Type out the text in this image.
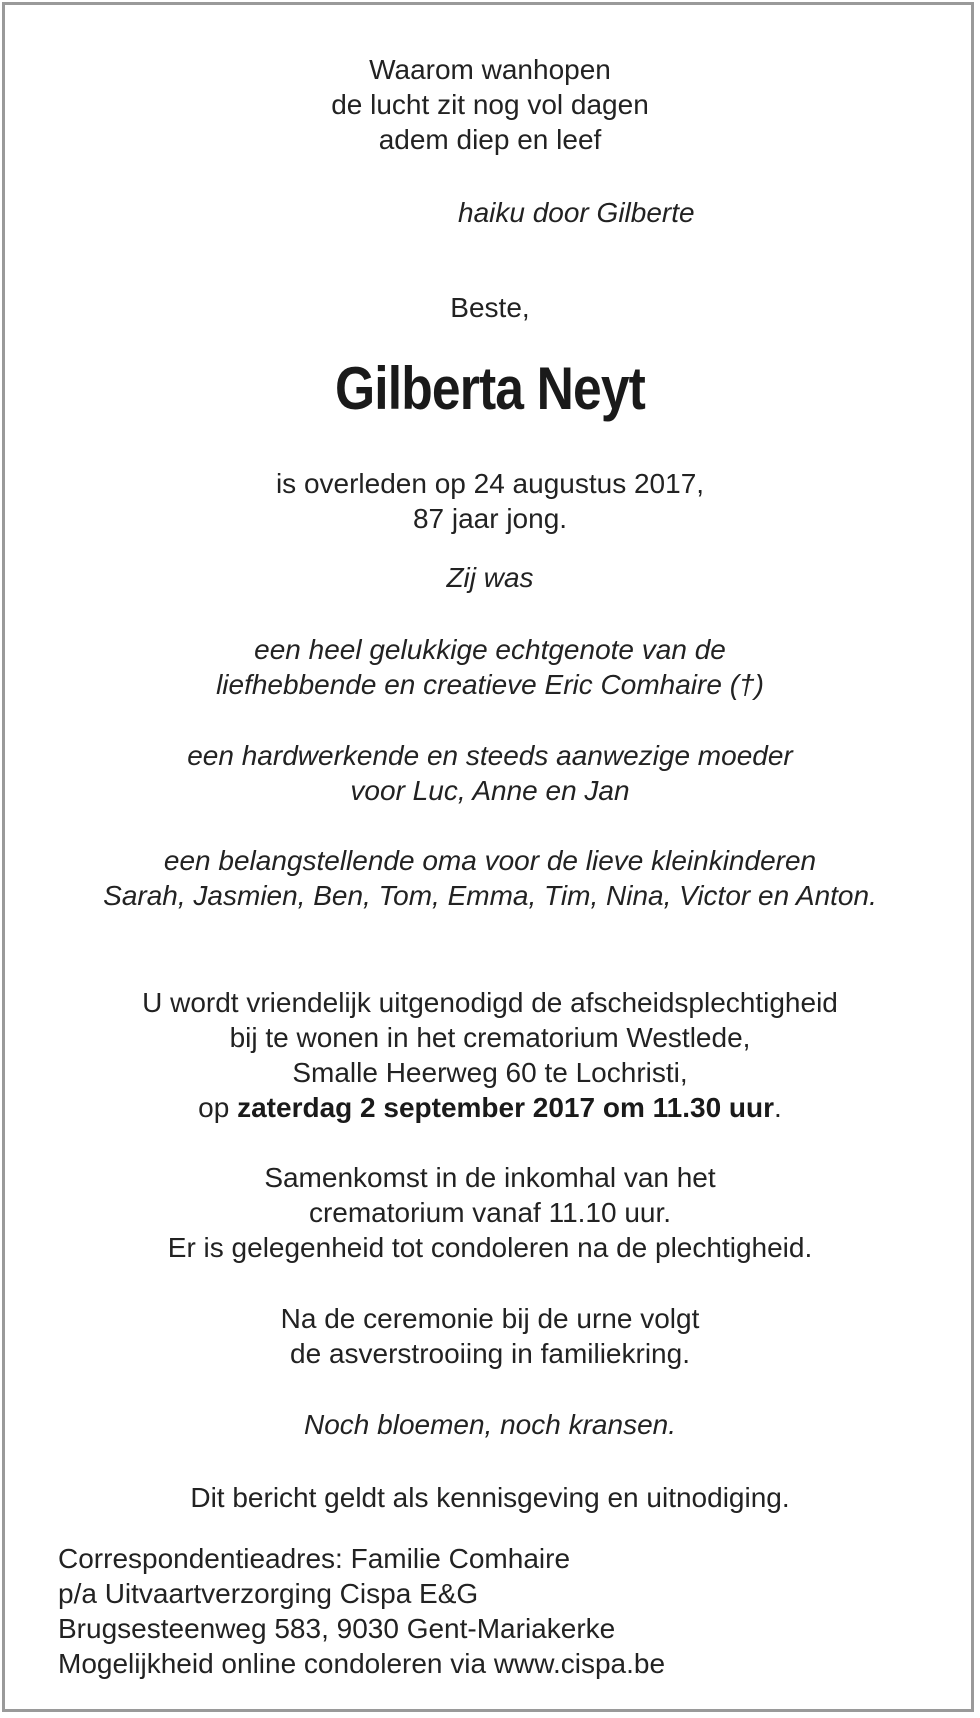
Waarom wanhopen
de lucht zit nog vol dagen
adem diep en leef
haiku door Gilberte
Beste,
Gilberta Neyt
is overleden op 24 augustus 2017,
87 jaar jong.
Zij was
een heel gelukkige echtgenote van de
liefhebbende en creatieve Eric Comhaire (†)
een hardwerkende en steeds aanwezige moeder
voor Luc, Anne en Jan
een belangstellende oma voor de lieve kleinkinderen
Sarah, Jasmien, Ben, Tom, Emma, Tim, Nina, Victor en Anton.
U wordt vriendelijk uitgenodigd de afscheidsplechtigheid
bij te wonen in het crematorium Westlede,
Smalle Heerweg 60 te Lochristi,
op zaterdag 2 september 2017 om 11.30 uur.
Samenkomst in de inkomhal van het
crematorium vanaf 11.10 uur.
Er is gelegenheid tot condoleren na de plechtigheid.
Na de ceremonie bij de urne volgt
de asverstrooiing in familiekring.
Noch bloemen, noch kransen.
Dit bericht geldt als kennisgeving en uitnodiging.
Correspondentieadres: Familie Comhaire
p/a Uitvaartverzorging Cispa E&G
Brugsesteenweg 583, 9030 Gent-Mariakerke
Mogelijkheid online condoleren via www.cispa.be
